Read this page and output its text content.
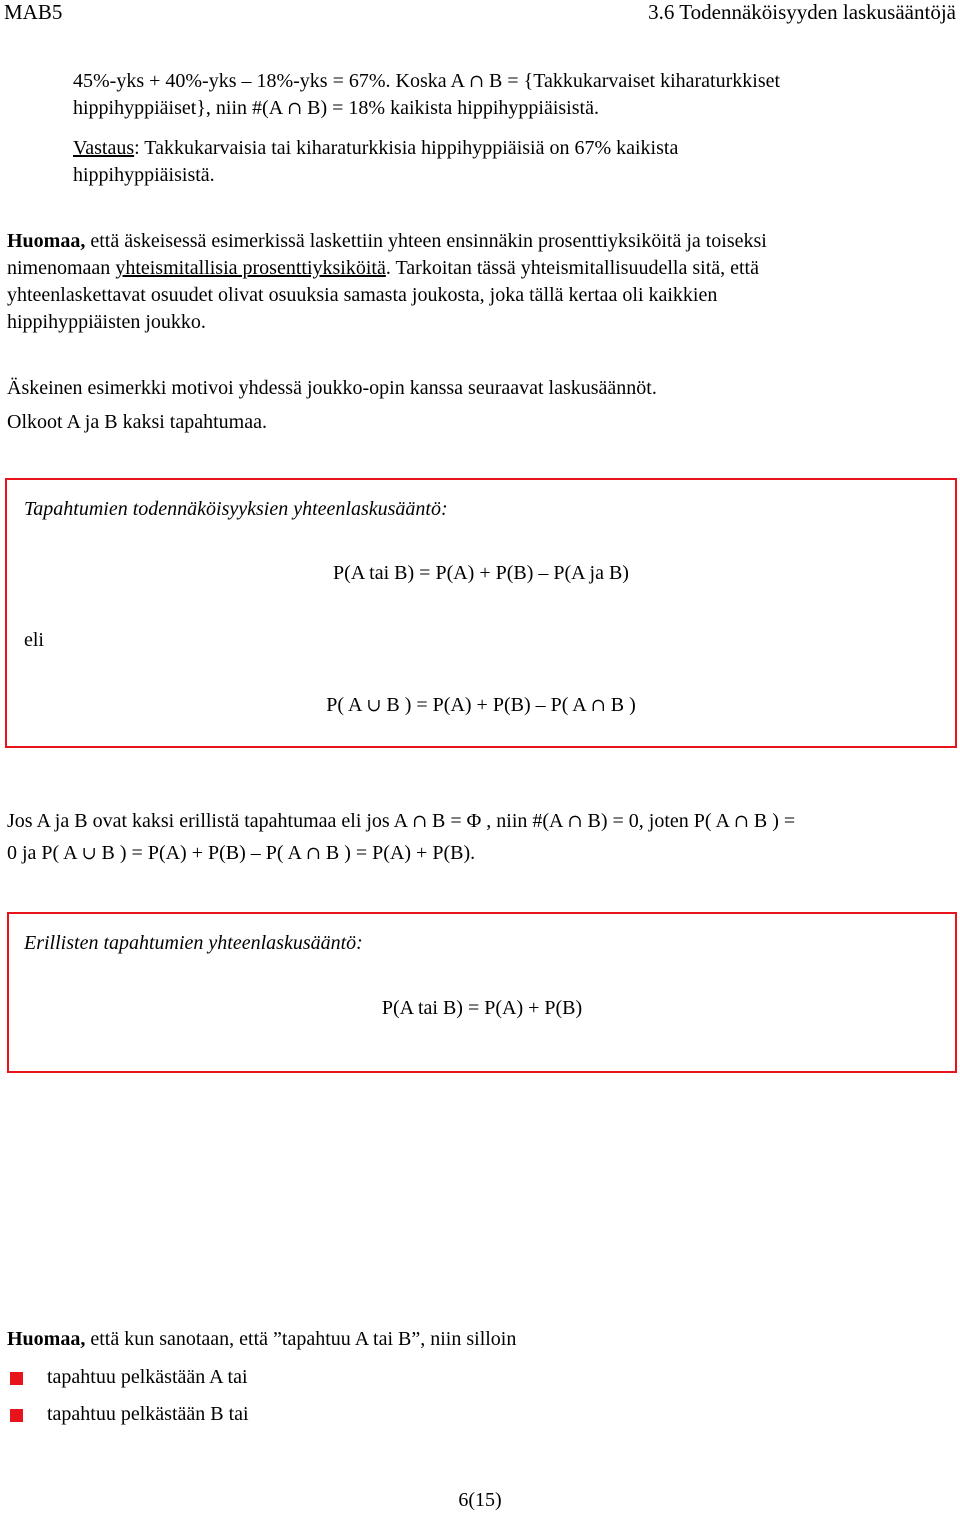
MAB5	3.6 Todennäköisyyden laskusääntöjä
45%-yks + 40%-yks – 18%-yks = 67%. Koska A ∩ B = {Takkukarvaiset kiharaturkkiset
hippihyppiäiset}, niin #(A ∩ B) = 18% kaikista hippihyppiäisistä.
Vastaus: Takkukarvaisia tai kiharaturkkisia hippihyppiäisiä on 67% kaikista
hippihyppiäisistä.
Huomaa, että äskeisessä esimerkissä laskettiin yhteen ensinnäkin prosenttiyksiköitä ja toiseksi
nimenomaan yhteismitallisia prosenttiyksiköitä. Tarkoitan tässä yhteismitallisuudella sitä, että
yhteenlaskettavat osuudet olivat osuuksia samasta joukosta, joka tällä kertaa oli kaikkien
hippihyppiäisten joukko.
Äskeinen esimerkki motivoi yhdessä joukko-opin kanssa seuraavat laskusäännöt.
Olkoot A ja B kaksi tapahtumaa.
Tapahtumien todennäköisyyksien yhteenlaskusääntö:
P(A tai B) = P(A) + P(B) – P(A ja B)
eli
P( A ∪ B ) = P(A) + P(B) – P( A ∩ B )
Jos A ja B ovat kaksi erillistä tapahtumaa eli jos A ∩ B = Φ , niin #(A ∩ B) = 0, joten P( A ∩ B ) =
0 ja P( A ∪ B ) = P(A) + P(B) – P( A ∩ B ) = P(A) + P(B).
Erillisten tapahtumien yhteenlaskusääntö:
P(A tai B) = P(A) + P(B)
Huomaa, että kun sanotaan, että ”tapahtuu A tai B”, niin silloin
tapahtuu pelkästään A tai
tapahtuu pelkästään B tai
6(15)
